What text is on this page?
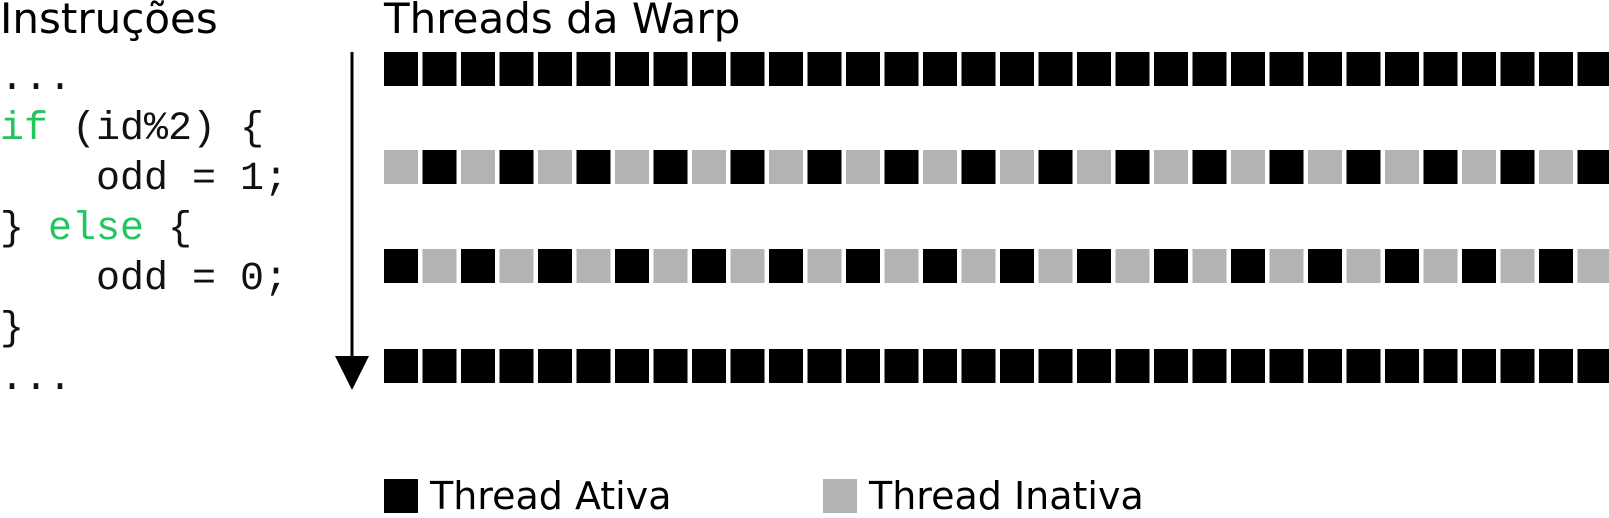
Instruções	Threads da Warp
...
if (id%2) {
odd = 1;
} else {
odd = 0;
}
...
Thread Ativa	Thread Inativa
